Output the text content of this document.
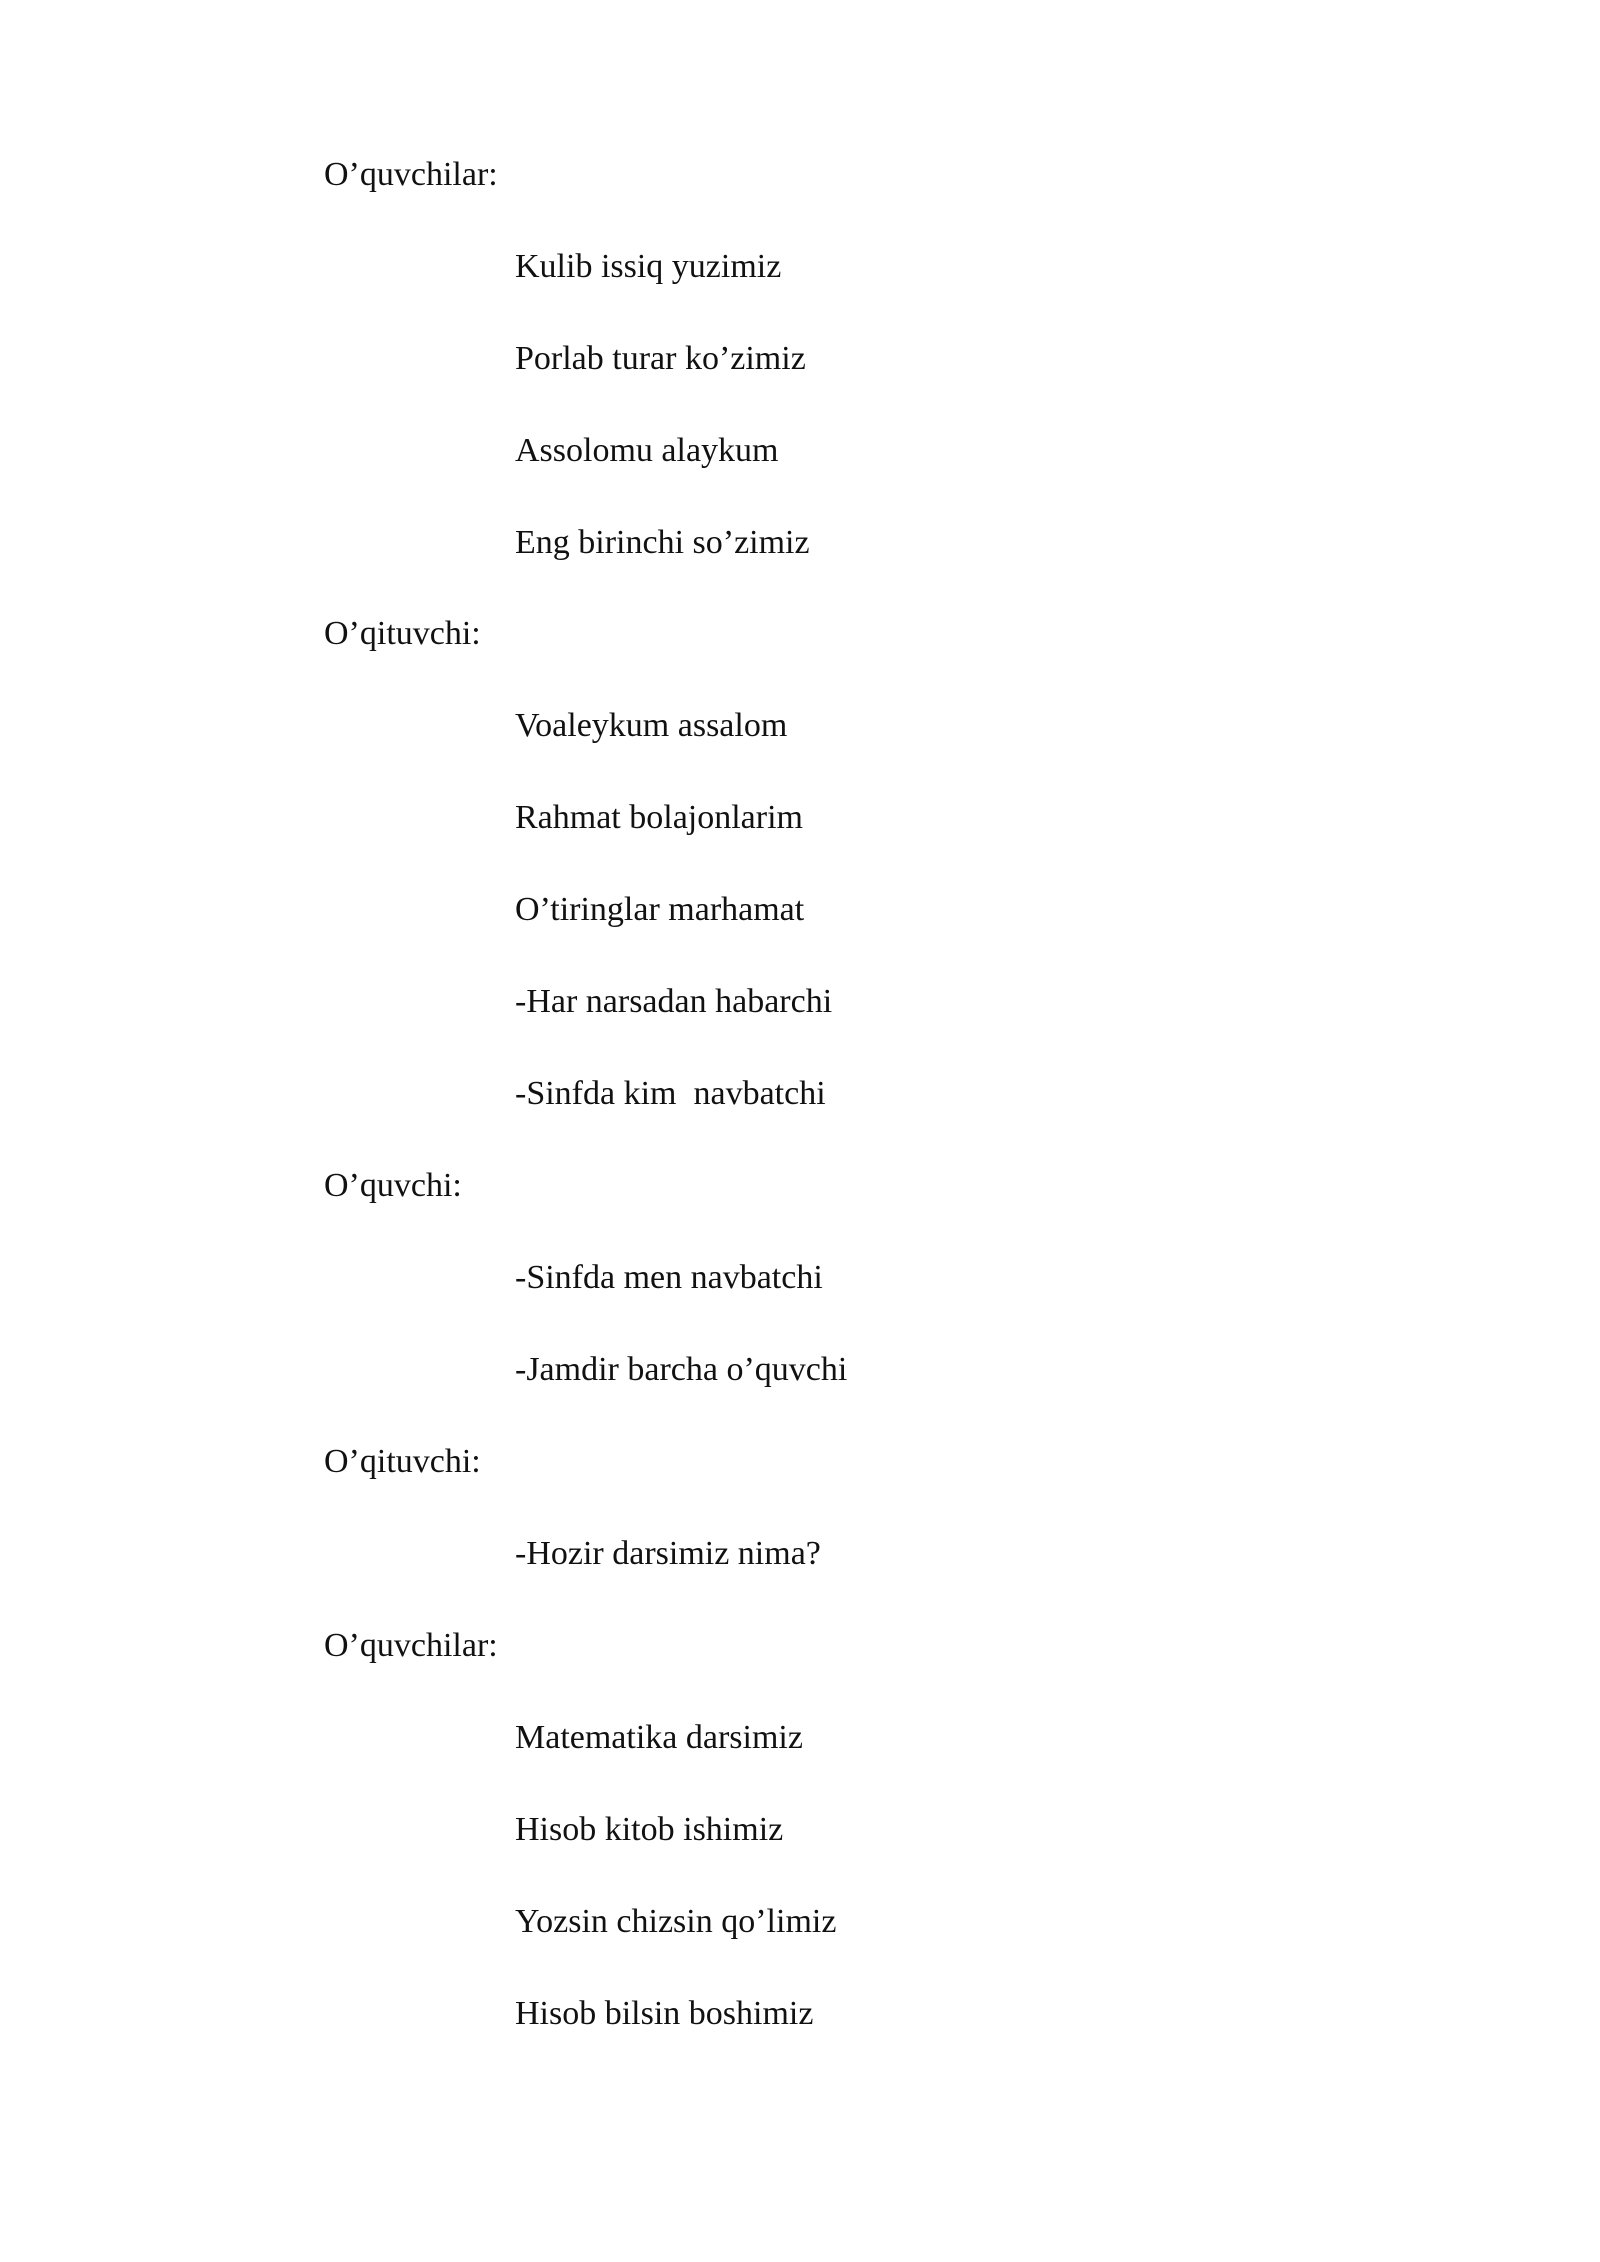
O’quvchilar:
Kulib issiq yuzimiz
Porlab turar ko’zimiz
Assolomu alaykum
Eng birinchi so’zimiz
O’qituvchi:
Voaleykum assalom
Rahmat bolajonlarim
O’tiringlar marhamat
-Har narsadan habarchi
-Sinfda kim  navbatchi
O’quvchi:
-Sinfda men navbatchi
-Jamdir barcha o’quvchi
O’qituvchi:
-Hozir darsimiz nima?
O’quvchilar:
Matematika darsimiz
Hisob kitob ishimiz
Yozsin chizsin qo’limiz
Hisob bilsin boshimiz
